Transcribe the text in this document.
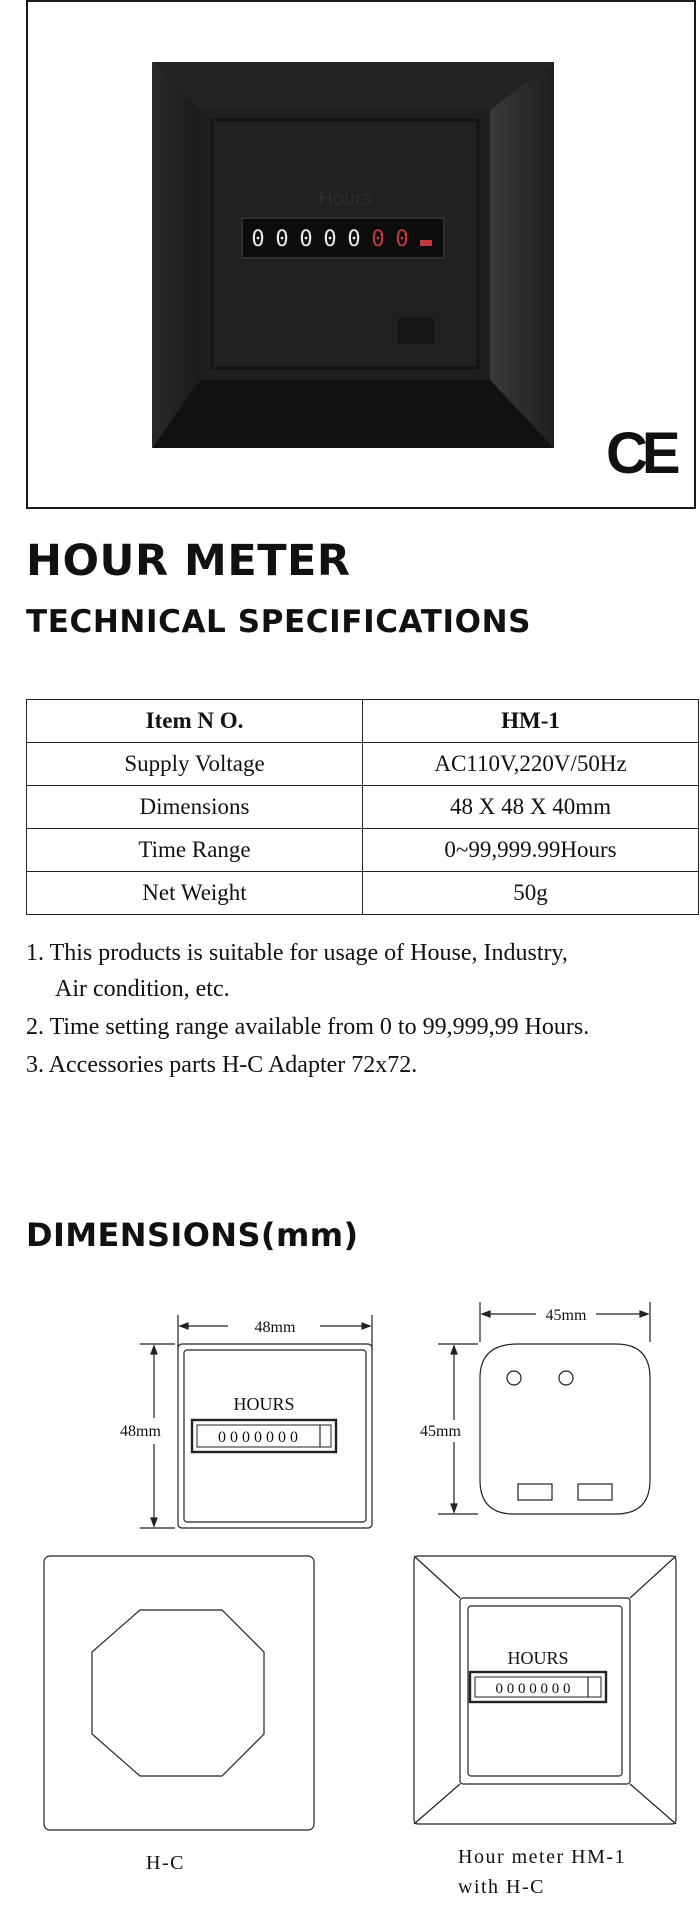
Hours
0 0 0 0 0 0 0
CE
HOUR METER
TECHNICAL SPECIFICATIONS
Item N O.	HM-1
Supply Voltage	AC110V,220V/50Hz
Dimensions	48 X 48 X 40mm
Time Range	0~99,999.99Hours
Net Weight	50g
1. This products is suitable for usage of House, Industry,
Air condition, etc.
2. Time setting range available from 0 to 99,999,99 Hours.
3. Accessories parts H-C Adapter 72x72.
DIMENSIONS(mm)
48mm
48mm
HOURS
0 0 0 0 0 0 0
45mm
45mm
H-C
HOURS
0 0 0 0 0 0 0
Hour meter HM-1
with H-C
